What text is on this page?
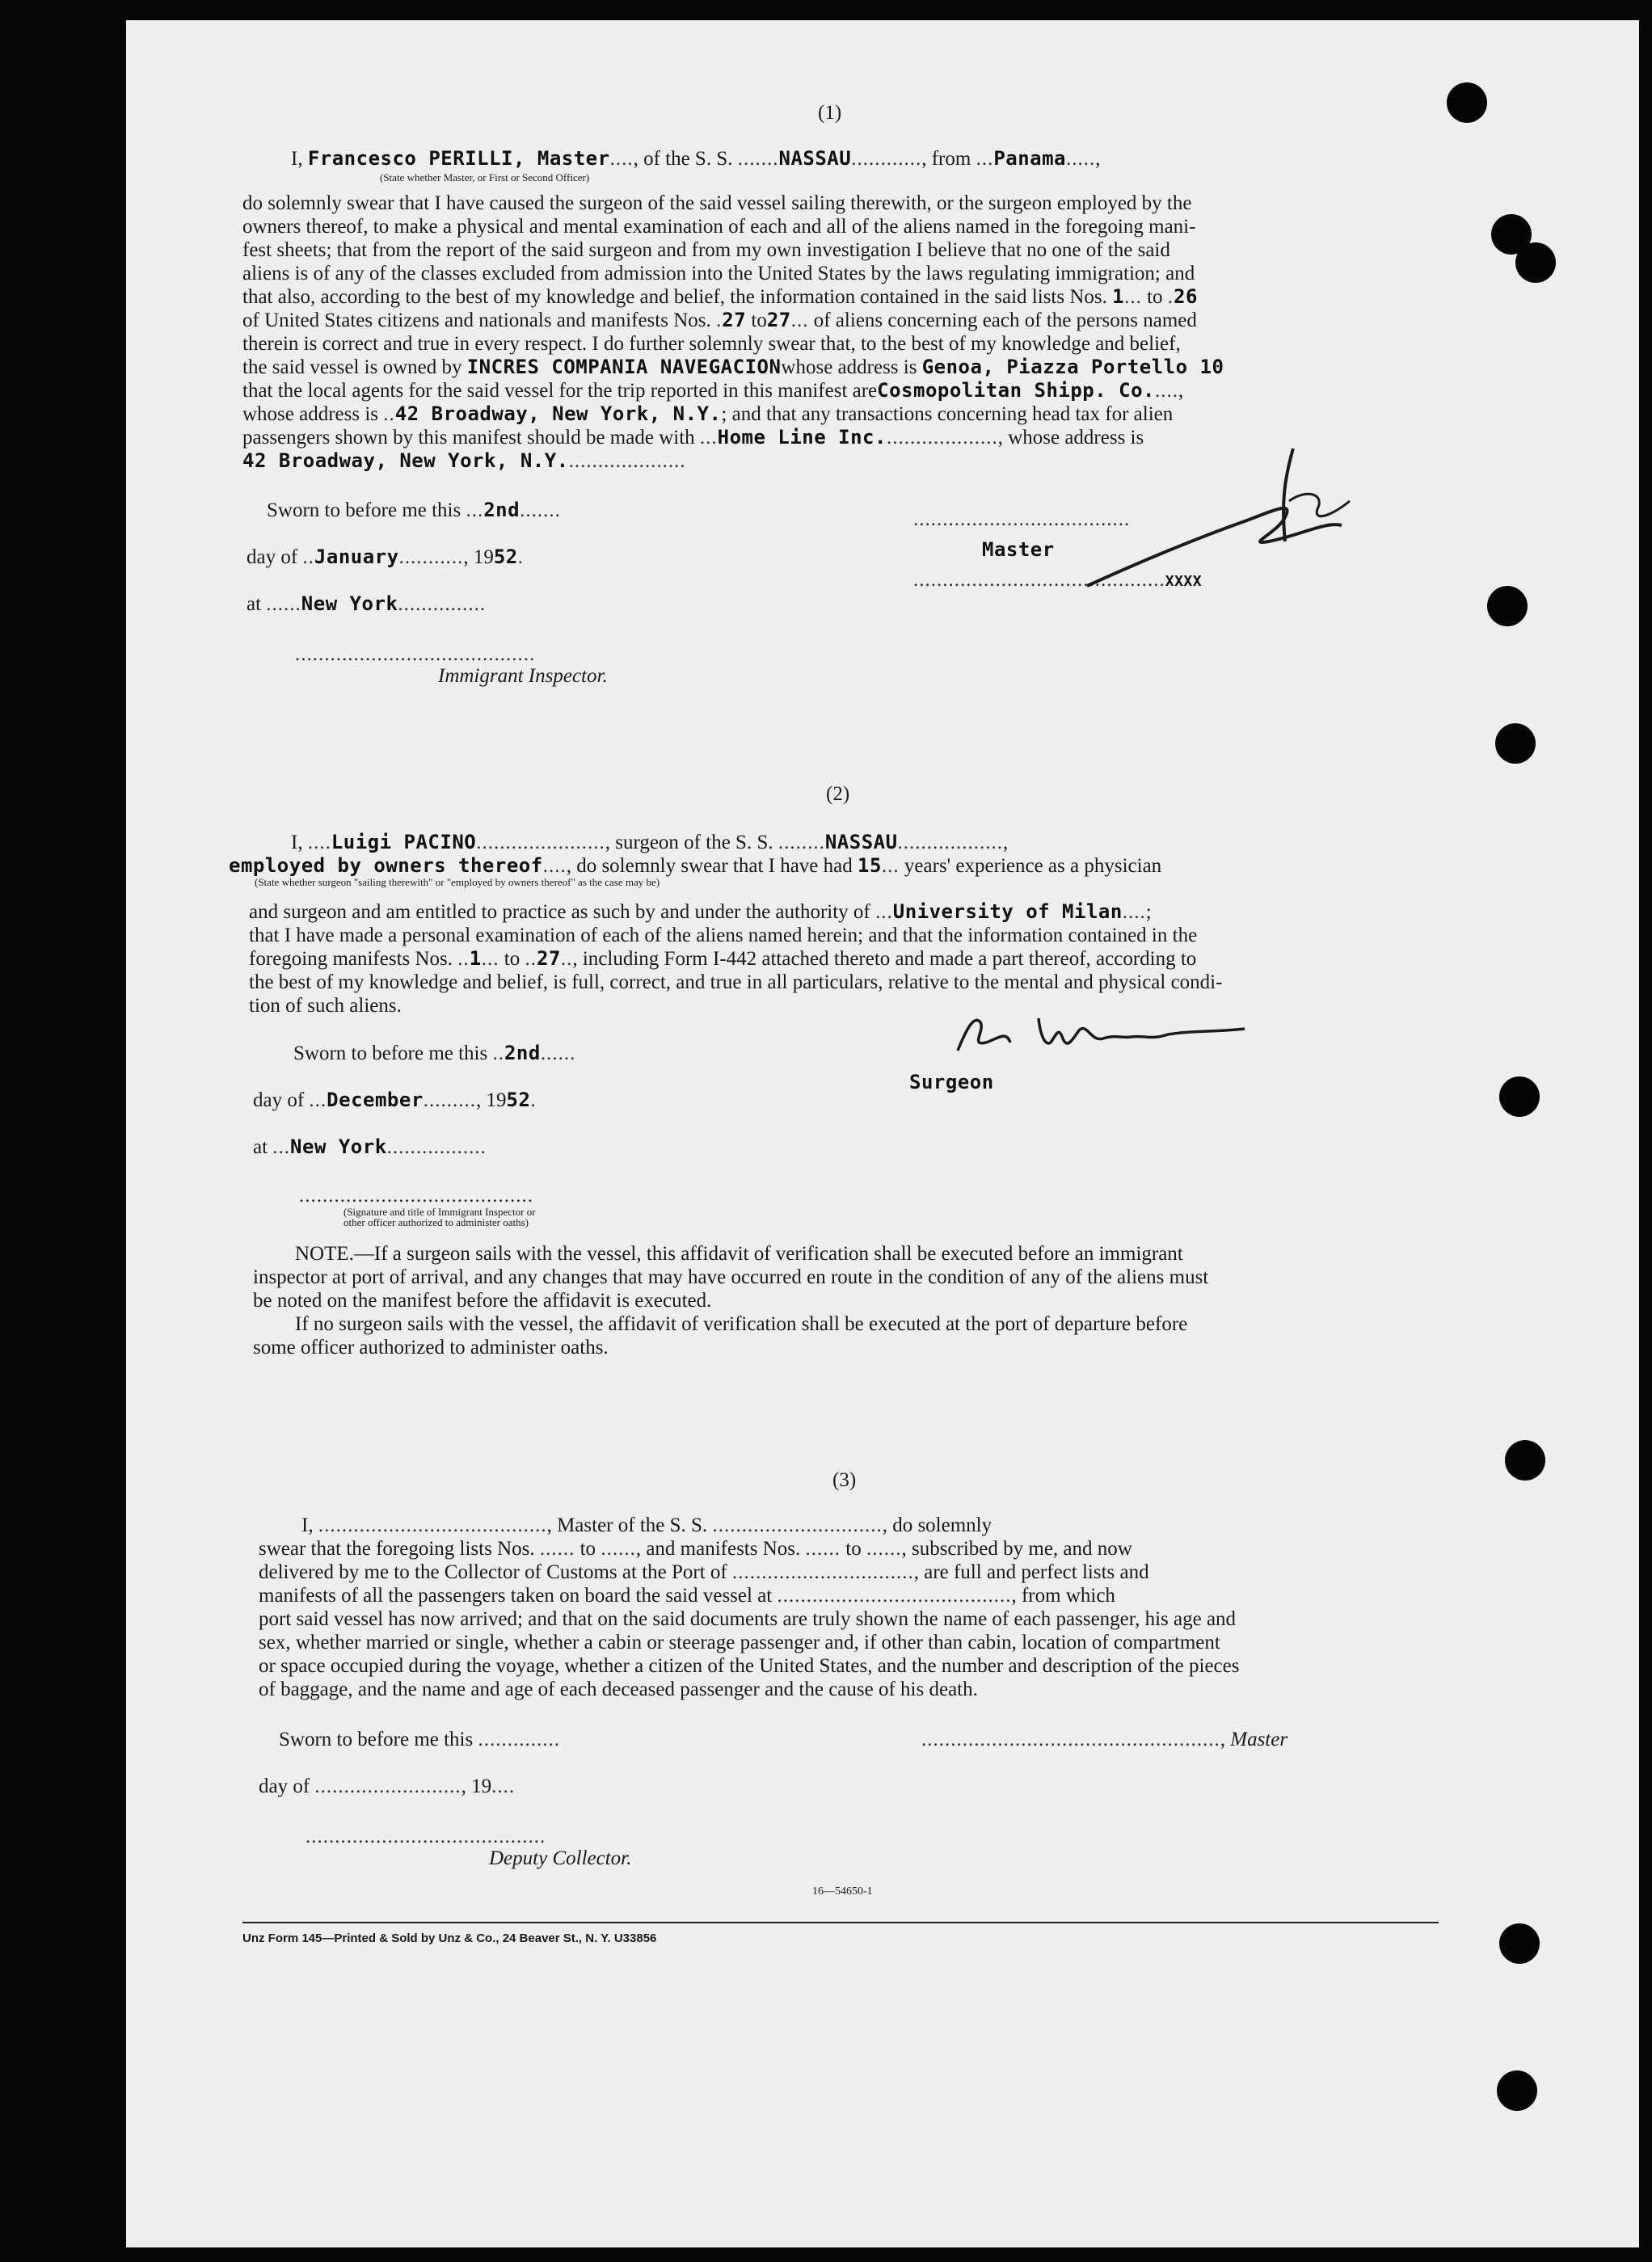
(1)
I, Francesco PERILLI, Master...., of the S. S. .......NASSAU............, from ...Panama.....,
(State whether Master, or First or Second Officer)
do solemnly swear that I have caused the surgeon of the said vessel sailing therewith, or the surgeon employed by the
owners thereof, to make a physical and mental examination of each and all of the aliens named in the foregoing mani-
fest sheets; that from the report of the said surgeon and from my own investigation I believe that no one of the said
aliens is of any of the classes excluded from admission into the United States by the laws regulating immigration; and
that also, according to the best of my knowledge and belief, the information contained in the said lists Nos. 1... to .26
of United States citizens and nationals and manifests Nos. .27 to27... of aliens concerning each of the persons named
therein is correct and true in every respect. I do further solemnly swear that, to the best of my knowledge and belief,
the said vessel is owned by INCRES COMPANIA NAVEGACIONwhose address is Genoa, Piazza Portello 10
that the local agents for the said vessel for the trip reported in this manifest areCosmopolitan Shipp. Co.....,
whose address is ..42 Broadway, New York, N.Y.; and that any transactions concerning head tax for alien
passengers shown by this manifest should be made with ...Home Line Inc...................., whose address is
42 Broadway, New York, N.Y.....................
Sworn to before me this ...2nd.......
day of ..January..........., 1952.
at ......New York...............
.........................................
Immigrant Inspector.
.....................................
Master
...........................................XXXX
(2)
I, ....Luigi PACINO......................, surgeon of the S. S. ........NASSAU..................,
employed by owners thereof...., do solemnly swear that I have had 15... years' experience as a physician
(State whether surgeon "sailing therewith" or "employed by owners thereof" as the case may be)
and surgeon and am entitled to practice as such by and under the authority of ...University of Milan....;
that I have made a personal examination of each of the aliens named herein; and that the information contained in the
foregoing manifests Nos. ..1... to ..27.., including Form I-442 attached thereto and made a part thereof, according to
the best of my knowledge and belief, is full, correct, and true in all particulars, relative to the mental and physical condi-
tion of such aliens.
Sworn to before me this ..2nd......
day of ...December........., 1952.
at ...New York.................
........................................
(Signature and title of Immigrant Inspector or
other officer authorized to administer oaths)
Surgeon
NOTE.—If a surgeon sails with the vessel, this affidavit of verification shall be executed before an immigrant
inspector at port of arrival, and any changes that may have occurred en route in the condition of any of the aliens must
be noted on the manifest before the affidavit is executed.
If no surgeon sails with the vessel, the affidavit of verification shall be executed at the port of departure before
some officer authorized to administer oaths.
(3)
I, ......................................., Master of the S. S. ............................., do solemnly
swear that the foregoing lists Nos. ...... to ......, and manifests Nos. ...... to ......, subscribed by me, and now
delivered by me to the Collector of Customs at the Port of ..............................., are full and perfect lists and
manifests of all the passengers taken on board the said vessel at ........................................, from which
port said vessel has now arrived; and that on the said documents are truly shown the name of each passenger, his age and
sex, whether married or single, whether a cabin or steerage passenger and, if other than cabin, location of compartment
or space occupied during the voyage, whether a citizen of the United States, and the number and description of the pieces
of baggage, and the name and age of each deceased passenger and the cause of his death.
Sworn to before me this ..............	..................................................., Master
day of ........................., 19....
.........................................
Deputy Collector.
16—54650-1
Unz Form 145—Printed & Sold by Unz & Co., 24 Beaver St., N. Y. U33856
